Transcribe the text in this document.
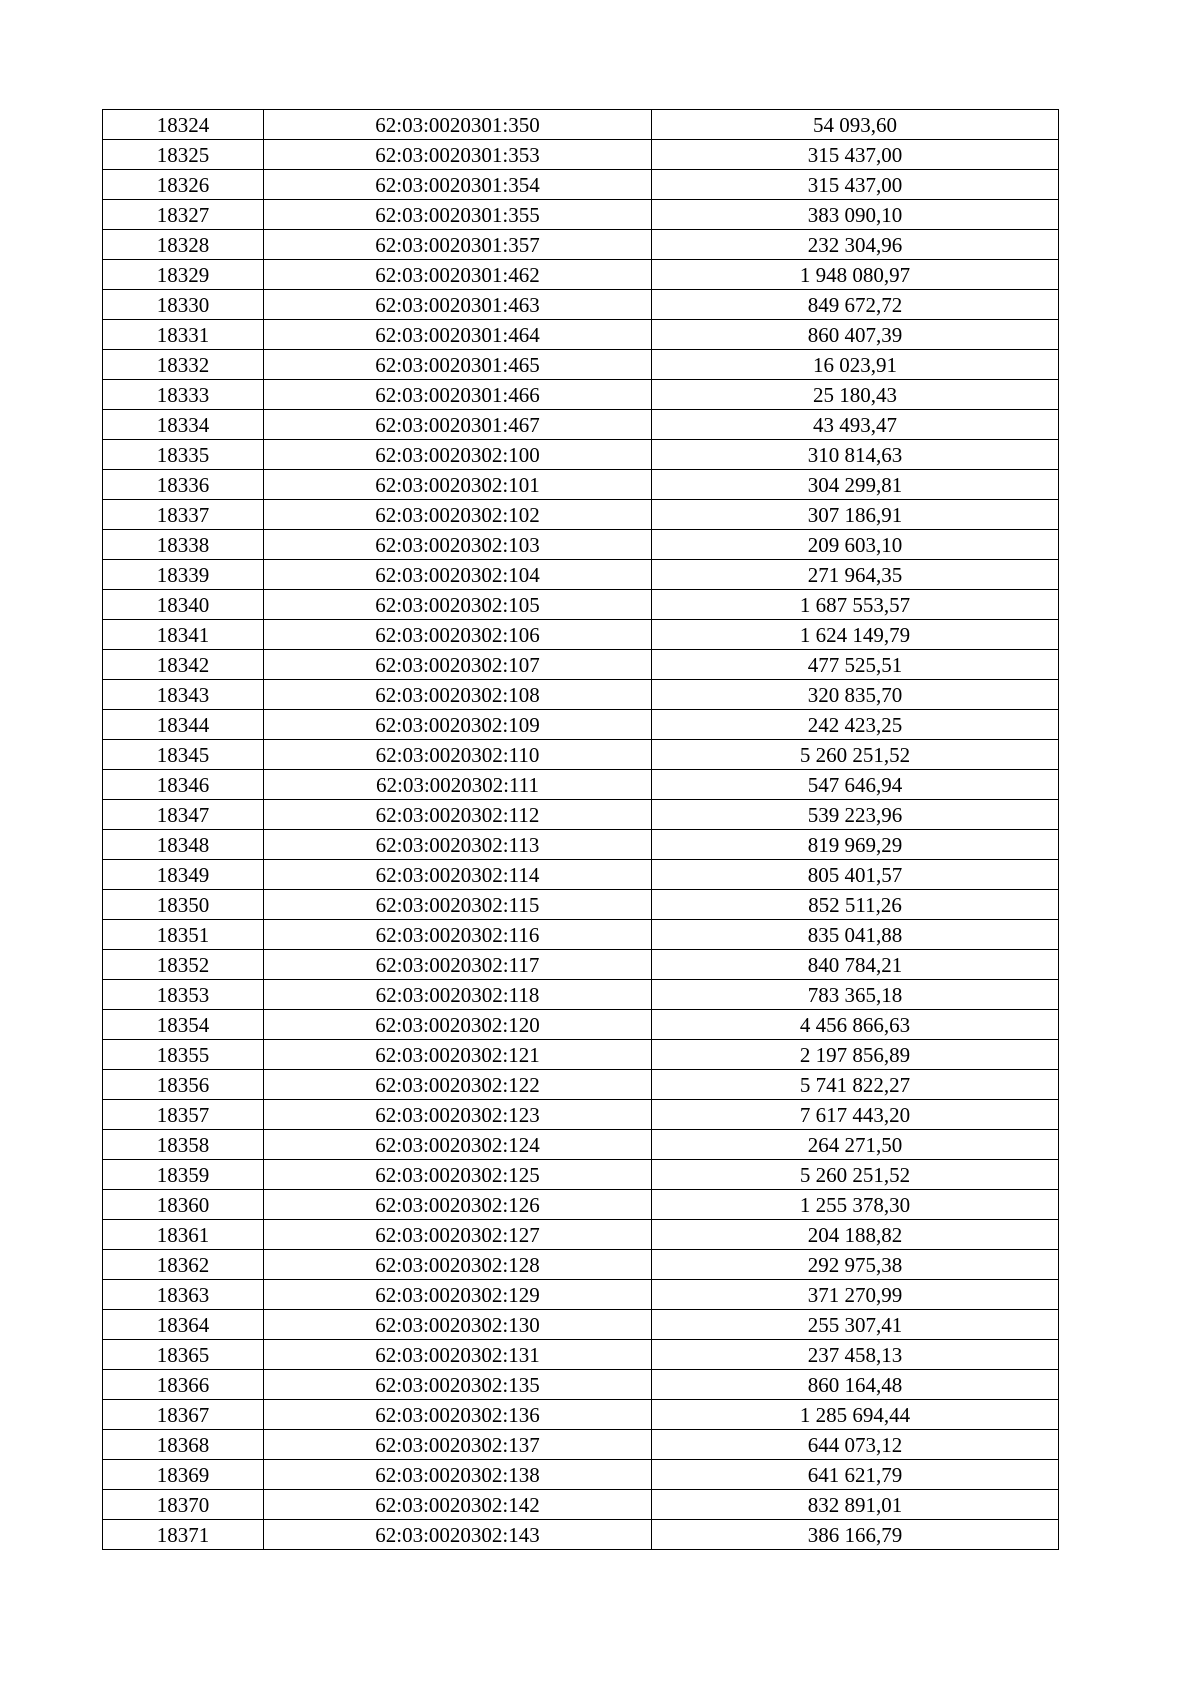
18324	62:03:0020301:350	54 093,60
18325	62:03:0020301:353	315 437,00
18326	62:03:0020301:354	315 437,00
18327	62:03:0020301:355	383 090,10
18328	62:03:0020301:357	232 304,96
18329	62:03:0020301:462	1 948 080,97
18330	62:03:0020301:463	849 672,72
18331	62:03:0020301:464	860 407,39
18332	62:03:0020301:465	16 023,91
18333	62:03:0020301:466	25 180,43
18334	62:03:0020301:467	43 493,47
18335	62:03:0020302:100	310 814,63
18336	62:03:0020302:101	304 299,81
18337	62:03:0020302:102	307 186,91
18338	62:03:0020302:103	209 603,10
18339	62:03:0020302:104	271 964,35
18340	62:03:0020302:105	1 687 553,57
18341	62:03:0020302:106	1 624 149,79
18342	62:03:0020302:107	477 525,51
18343	62:03:0020302:108	320 835,70
18344	62:03:0020302:109	242 423,25
18345	62:03:0020302:110	5 260 251,52
18346	62:03:0020302:111	547 646,94
18347	62:03:0020302:112	539 223,96
18348	62:03:0020302:113	819 969,29
18349	62:03:0020302:114	805 401,57
18350	62:03:0020302:115	852 511,26
18351	62:03:0020302:116	835 041,88
18352	62:03:0020302:117	840 784,21
18353	62:03:0020302:118	783 365,18
18354	62:03:0020302:120	4 456 866,63
18355	62:03:0020302:121	2 197 856,89
18356	62:03:0020302:122	5 741 822,27
18357	62:03:0020302:123	7 617 443,20
18358	62:03:0020302:124	264 271,50
18359	62:03:0020302:125	5 260 251,52
18360	62:03:0020302:126	1 255 378,30
18361	62:03:0020302:127	204 188,82
18362	62:03:0020302:128	292 975,38
18363	62:03:0020302:129	371 270,99
18364	62:03:0020302:130	255 307,41
18365	62:03:0020302:131	237 458,13
18366	62:03:0020302:135	860 164,48
18367	62:03:0020302:136	1 285 694,44
18368	62:03:0020302:137	644 073,12
18369	62:03:0020302:138	641 621,79
18370	62:03:0020302:142	832 891,01
18371	62:03:0020302:143	386 166,79
